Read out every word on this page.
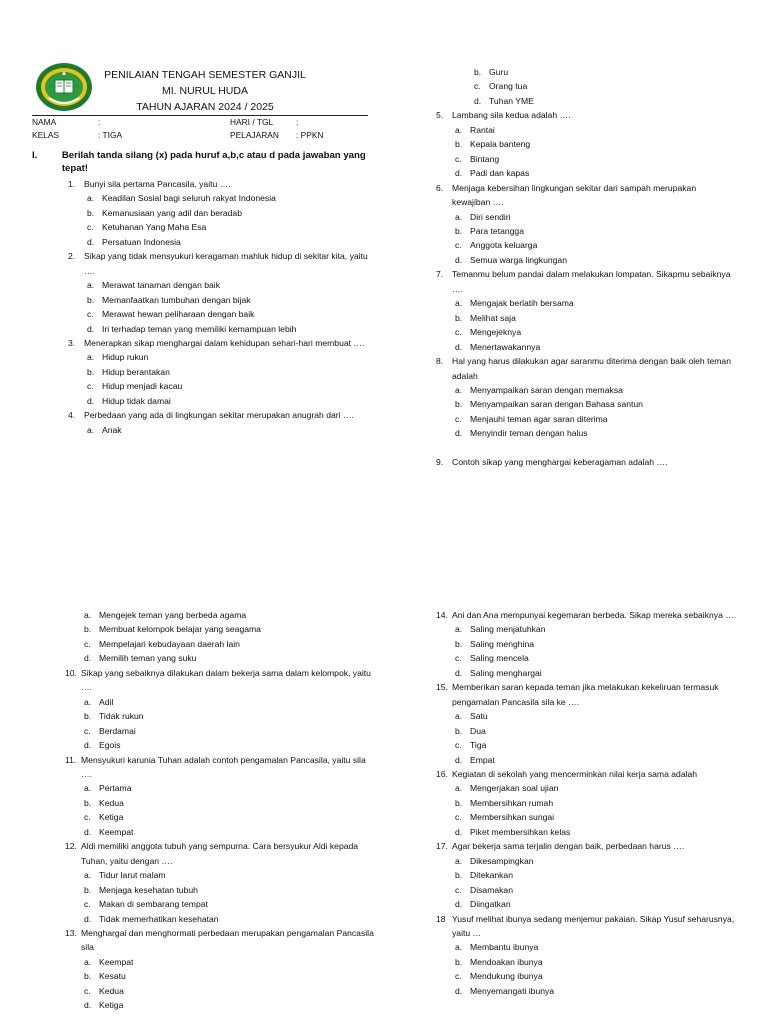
PENILAIAN TENGAH SEMESTER GANJIL
MI. NURUL HUDA
TAHUN AJARAN 2024 / 2025
NAMA	:
KELAS	: TIGA
HARI / TGL	:
PELAJARAN	: PPKN
I.	Berilah tanda silang (x) pada huruf a,b,c atau d pada jawaban yang tepat!
1.	Bunyi sila pertama Pancasila, yaitu ….
a. Keadilan Sosial bagi seluruh rakyat Indonesia
b. Kemanusiaan yang adil dan beradab
c. Ketuhanan Yang Maha Esa
d. Persatuan Indonesia
2.	Sikap yang tidak mensyukuri keragaman mahluk hidup di sekitar kita, yaitu ….
a. Merawat tanaman dengan baik
b. Memanfaatkan tumbuhan dengan bijak
c. Merawat hewan peliharaan dengan baik
d. Iri terhadap teman yang memiliki kemampuan lebih
3.	Menerapkan sikap menghargai dalam kehidupan sehari-hari membuat ….
a. Hidup rukun
b. Hidup berantakan
c. Hidup menjadi kacau
d. Hidup tidak damai
4.	Perbedaan yang ada di lingkungan sekitar merupakan anugrah dari ….
a. Anak
b. Guru
c. Orang tua
d. Tuhan YME
5.	Lambang sila kedua adalah ….
a. Rantai
b. Kepala banteng
c. Bintang
d. Padi dan kapas
6.	Menjaga kebersihan lingkungan sekitar dari sampah merupakan kewajiban ….
a. Diri sendiri
b. Para tetangga
c. Anggota keluarga
d. Semua warga lingkungan
7.	Temanmu belum pandai dalam melakukan lompatan. Sikapmu sebaiknya ….
a. Mengajak berlatih bersama
b. Melihat saja
c. Mengejeknya
d. Menertawakannya
8.	Hal yang harus dilakukan agar saranmu diterima dengan baik oleh teman adalah
a. Menyampaikan saran dengan memaksa
b. Menyampaikan saran dengan Bahasa santun
c. Menjauhi teman agar saran diterima
d. Menyindir teman dengan halus
9.	Contoh sikap yang menghargai keberagaman adalah ….
a. Mengejek teman yang berbeda agama
b. Membuat kelompok belajar yang seagama
c. Mempelajari kebudayaan daerah lain
d. Memilih teman yang suku
10. Sikap yang sebaiknya dilakukan dalam bekerja sama dalam kelompok, yaitu ….
a. Adil
b. Tidak rukun
c. Berdamai
d. Egois
11. Mensyukuri karunia Tuhan adalah contoh pengamalan Pancasila, yaitu sila ….
a. Pertama
b. Kedua
c. Ketiga
d. Keempat
12. Aldi memiliki anggota tubuh yang sempurna. Cara bersyukur Aldi kepada Tuhan, yaitu dengan ….
a. Tidur larut malam
b. Menjaga kesehatan tubuh
c. Makan di sembarang tempat
d. Tidak memerhatikan kesehatan
13. Menghargai dan menghormati perbedaan merupakan pengamalan Pancasila sila
a. Keempat
b. Kesatu
c. Kedua
d. Ketiga
14. Ani dan Ana mempunyai kegemaran berbeda. Sikap mereka sebaiknya ….
a. Saling menjatuhkan
b. Saling menghina
c. Saling mencela
d. Saling menghargai
15. Memberikan saran kepada teman jika melakukan kekeliruan termasuk pengamalan Pancasila sila ke ….
a. Satu
b. Dua
c. Tiga
d. Empat
16. Kegiatan di sekolah yang mencerminkan nilai kerja sama adalah
a. Mengerjakan soal ujian
b. Membersihkan rumah
c. Membersihkan sungai
d. Piket membersihkan kelas
17. Agar bekerja sama terjalin dengan baik, perbedaan harus ….
a. Dikesampingkan
b. Ditekankan
c. Disamakan
d. Diingatkan
18 Yusuf melihat ibunya sedang menjemur pakaian. Sikap Yusuf seharusnya, yaitu …
a. Membantu ibunya
b. Mendoakan ibunya
c. Mendukung ibunya
d. Menyemangati ibunya
